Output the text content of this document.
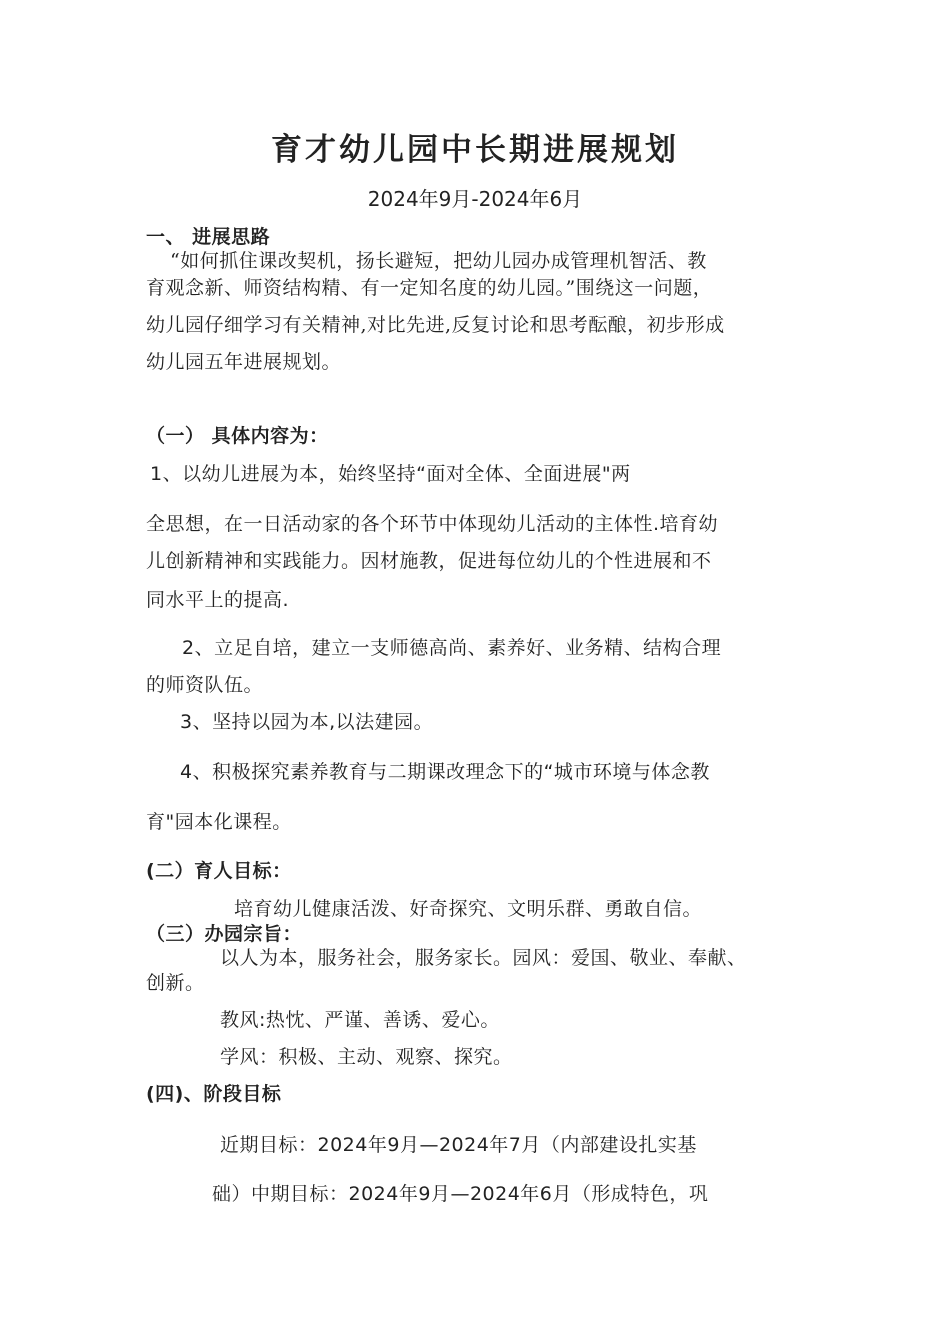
育才幼儿园中长期进展规划
2024年9月-2024年6月
一、 进展思路
“如何抓住课改契机，扬长避短，把幼儿园办成管理机智活、教
育观念新、师资结构精、有一定知名度的幼儿园。”围绕这一问题，
幼儿园仔细学习有关精神,对比先进,反复讨论和思考酝酿，初步形成
幼儿园五年进展规划。
（一） 具体内容为：
1、以幼儿进展为本，始终坚持“面对全体、全面进展"两
全思想，在一日活动家的各个环节中体现幼儿活动的主体性.培育幼
儿创新精神和实践能力。因材施教，促进每位幼儿的个性进展和不
同水平上的提高.
2、立足自培，建立一支师德高尚、素养好、业务精、结构合理
的师资队伍。
3、坚持以园为本,以法建园。
4、积极探究素养教育与二期课改理念下的“城市环境与体念教
育"园本化课程。
(二）育人目标：
培育幼儿健康活泼、好奇探究、文明乐群、勇敢自信。
（三）办园宗旨：
以人为本，服务社会，服务家长。园风：爱国、敬业、奉献、
创新。
教风:热忱、严谨、善诱、爱心。
学风：积极、主动、观察、探究。
(四)、阶段目标
近期目标：2024年9月—2024年7月（内部建设扎实基
础）中期目标：2024年9月—2024年6月（形成特色，巩
